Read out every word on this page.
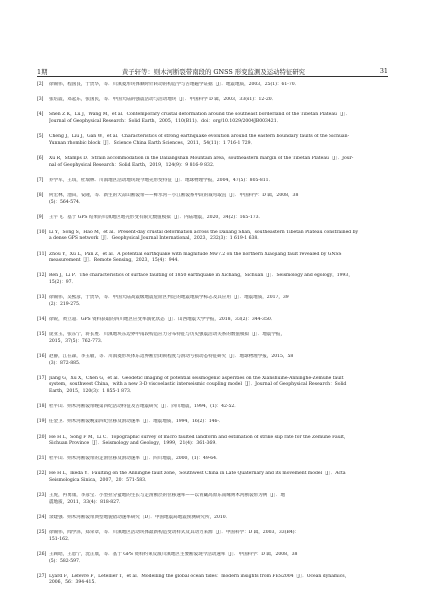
1期	黄子轩等：则木河断裂带南段的 GNSS 形变监测及运动特征研究	31
[2]	徐锡伟，程国良，于贵华，等．川滇菱形块体顺时针转动的构造学与古地磁学证据［J］．地震地质，2003，25(1)：61-70．
[3]	张培震，邓起东，张国民，等．中国大陆的强震活动与活动地块［J］．中国科学 D 辑，2003，33(s1)：12-20．
[4]	Shen Z K，Lü J，Wang M，et al．Contemporary crustal deformation around the southeast borderland of the Tibetan Plateau［J］．
Journal of Geophysical Research：Solid Earth，2005，110(B11)．doi：org/10.1029/2004JB003421．
[5]	Cheng J，Liu J，Gan W，et al．Characteristics of strong earthquake evolution around the eastern boundary faults of the Sichuan-
Yunnan rhombic block［J］．Science China Earth Sciences，2011，54(11)：1 716-1 729．
[6]	Xu R，Stamps D．Strain accommodation in the Daliangshan Mountain area，southeastern margin of the Tibetan Plateau［J］．Jour-
nal of Geophysical Research：Solid Earth，2019，124(9)：9 816-9 832．
[7]	乔学军，王琪，杜瑞林．川滇地区活动地块现今地壳形变特征［J］．地球物理学报，2004，47(5)：805-811．
[8]	何宏林，池田，安隆，等．新生的大凉山断裂带——鲜水河－小江断裂系中段的裁弯取直［J］．中国科学：D 辑，2008，38
(5)：564-574．
[9]	王宇飞．基于 GPS 结果的川滇地区地壳形变有限元数值模拟［J］．内陆地震，2020，34(2)：165-173．
[10] Li Y，Song S，Hao M，et al．Present-day crustal deformation across the Daliang Shan，southeastern Tibetan Plateau constrained by
a dense GPS network［J］．Geophysical Journal International，2023，232(3)：1 619-1 638．
[11] Zhou Y，Xu L，Pan Z，et al．A potential earthquake with magnitude Mw7.2 on the northern Xiaojiang fault revealed by GNSS
measurement［J］．Remote Sensing，2023，15(4)：944．
[12] Ren J，Li P．The characteristics of surface faulting of 1850 earthquake in Xichang，Sichuan［J］．Seismology and egology，1993，
15(2)：97．
[13] 徐锡伟，吴熙彦，于贵华，等．中国大陆高震级地震危险区判定的地震地质学标志及其应用［J］．地震地质，2017，39
(2)：219-275．
[14] 徐锐，黄立超．GPS 资料获取的四川地区应变率演化状态［J］．山西地震大学学报，2018，33(2)：344-350．
[15] 庞亚玉，张东宁，蒋长胜．川滇地块东边界中南段构造应力分布特征与历史强震活动关系的数值模拟［J］．地震学报，
2015，37(5)：762-773．
[16] 赵静，江在森，李玉敏，等．川滇菱形块体东边界断层闭锁程度与滑动亏损动态特征研究［J］．地球物理学报，2015，58
(3)：872-885．
[17] Jiang G，Xu X，Chen G，et al．Geodetic imaging of potential seismogenic asperities on the Xianshuihe-Anninghe-Zemuhe fault
system，southwest China，with a new 3-D viscoelastic interseismic coupling model［J］．Journal of Geophysical Research：Solid
Earth，2015，120(3)：1 855-1 873．
[18] 杜平山．则木河断裂带晚第四纪活动特征及古地震研究［J］．四川地震，1994，(1)：42-52．
[19] 任金卫．则木河断裂晚第四纪位移及滑动速率［J］．地震地质，1994，16(2)：146-．
[20] He H L，Song F M，Li C．Topographic survey of micro faulted landform and estimation of strike slip rate for the Zemuhe Fault，
Sichuan Province［J］．Seismology and Geology，1999，21(4)：361-369．
[21] 杜平山．则木河断裂带的走滑位移及滑动速率［J］．四川地震，2000，(1)：49-64．
[22] He H L，Ikeda Y．Faulting on the Anninghe fault zone，Southwest China in Late Quaternary and its movement model［J］．Acta
Seismologica Sinica，2007，20：571-583．
[23] 王虎，冉勇康，李彦宝．小型拉分盆地的生长与走滑断层的位移速率——以青藏高原东南缘则木河断裂带为例［J］．地
震地质，2011，33(4)：818-827．
[24] 余建强．则木河断裂带典型地貌错动速率研究［D］．中国地震局地震预测研究所，2010．
[25] 徐锡伟，闻学泽，郑荣章，等．川滇地区活动块体最新构造变动样式及其动力来源［J］．中国科学：D 辑，2003，33(B4)：
151-162．
[26] 王阎昭，王恩宁，沈正康，等．基于 GPS 资料约束反演川滇地区主要断裂现今活动速率［J］．中国科学：D 辑，2008，38
(5)：582-597．
[27] Lyard F，Lefevre F，Letellier T，et al．Modelling the global ocean tides：modern insights from FES2004［J］．Ocean dynamics，
2006，56：394-415．
